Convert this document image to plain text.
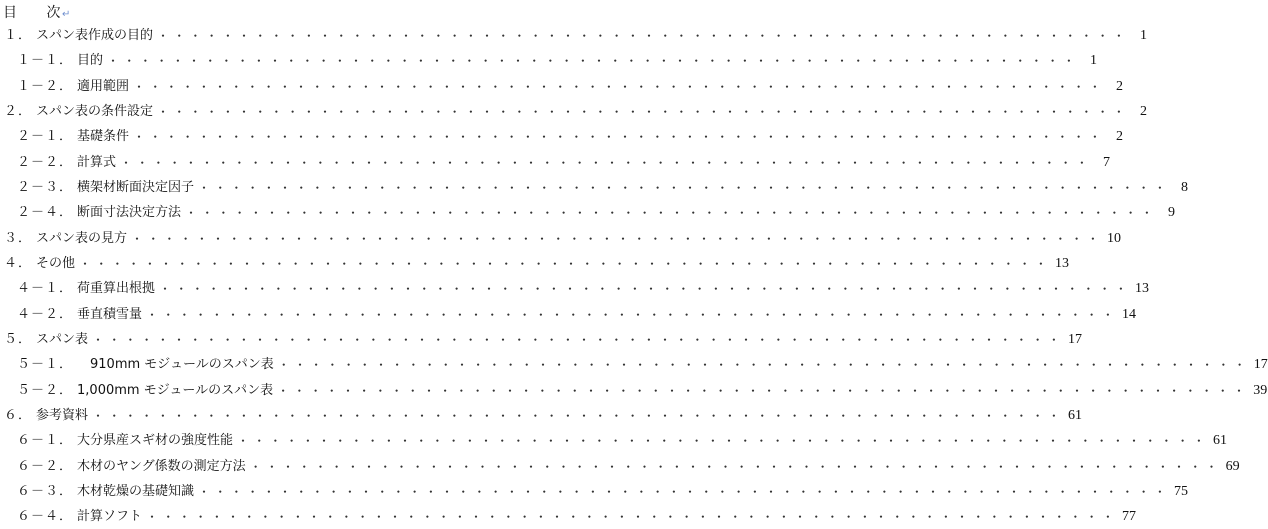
目　　次 ↵
１． スパン表作成の目的 ・・・・・・・・・・・・・・・・・・・・・・・・・・・・・・・・・・・・・・・・・・・・・・・・・・・・・・・・・・・・ 1
１－１． 目的 ・・・・・・・・・・・・・・・・・・・・・・・・・・・・・・・・・・・・・・・・・・・・・・・・・・・・・・・・・・・・ 1
１－２． 適用範囲 ・・・・・・・・・・・・・・・・・・・・・・・・・・・・・・・・・・・・・・・・・・・・・・・・・・・・・・・・・・・・ 2
２． スパン表の条件設定 ・・・・・・・・・・・・・・・・・・・・・・・・・・・・・・・・・・・・・・・・・・・・・・・・・・・・・・・・・・・・ 2
２－１． 基礎条件 ・・・・・・・・・・・・・・・・・・・・・・・・・・・・・・・・・・・・・・・・・・・・・・・・・・・・・・・・・・・・ 2
２－２． 計算式 ・・・・・・・・・・・・・・・・・・・・・・・・・・・・・・・・・・・・・・・・・・・・・・・・・・・・・・・・・・・・ 7
２－３． 横架材断面決定因子 ・・・・・・・・・・・・・・・・・・・・・・・・・・・・・・・・・・・・・・・・・・・・・・・・・・・・・・・・・・・・ 8
２－４． 断面寸法決定方法 ・・・・・・・・・・・・・・・・・・・・・・・・・・・・・・・・・・・・・・・・・・・・・・・・・・・・・・・・・・・・ 9
３． スパン表の見方 ・・・・・・・・・・・・・・・・・・・・・・・・・・・・・・・・・・・・・・・・・・・・・・・・・・・・・・・・・・・・ 10
４． その他 ・・・・・・・・・・・・・・・・・・・・・・・・・・・・・・・・・・・・・・・・・・・・・・・・・・・・・・・・・・・・ 13
４－１． 荷重算出根拠 ・・・・・・・・・・・・・・・・・・・・・・・・・・・・・・・・・・・・・・・・・・・・・・・・・・・・・・・・・・・・ 13
４－２． 垂直積雪量 ・・・・・・・・・・・・・・・・・・・・・・・・・・・・・・・・・・・・・・・・・・・・・・・・・・・・・・・・・・・・ 14
５． スパン表 ・・・・・・・・・・・・・・・・・・・・・・・・・・・・・・・・・・・・・・・・・・・・・・・・・・・・・・・・・・・・ 17
５－１． 　910mm モジュールのスパン表 ・・・・・・・・・・・・・・・・・・・・・・・・・・・・・・・・・・・・・・・・・・・・・・・・・・・・・・・・・・・・ 17
５－２． 1,000mm モジュールのスパン表 ・・・・・・・・・・・・・・・・・・・・・・・・・・・・・・・・・・・・・・・・・・・・・・・・・・・・・・・・・・・・ 39
６． 参考資料 ・・・・・・・・・・・・・・・・・・・・・・・・・・・・・・・・・・・・・・・・・・・・・・・・・・・・・・・・・・・・ 61
６－１． 大分県産スギ材の強度性能 ・・・・・・・・・・・・・・・・・・・・・・・・・・・・・・・・・・・・・・・・・・・・・・・・・・・・・・・・・・・・ 61
６－２． 木材のヤング係数の測定方法 ・・・・・・・・・・・・・・・・・・・・・・・・・・・・・・・・・・・・・・・・・・・・・・・・・・・・・・・・・・・・ 69
６－３． 木材乾燥の基礎知識 ・・・・・・・・・・・・・・・・・・・・・・・・・・・・・・・・・・・・・・・・・・・・・・・・・・・・・・・・・・・・ 75
６－４． 計算ソフト ・・・・・・・・・・・・・・・・・・・・・・・・・・・・・・・・・・・・・・・・・・・・・・・・・・・・・・・・・・・・ 77
